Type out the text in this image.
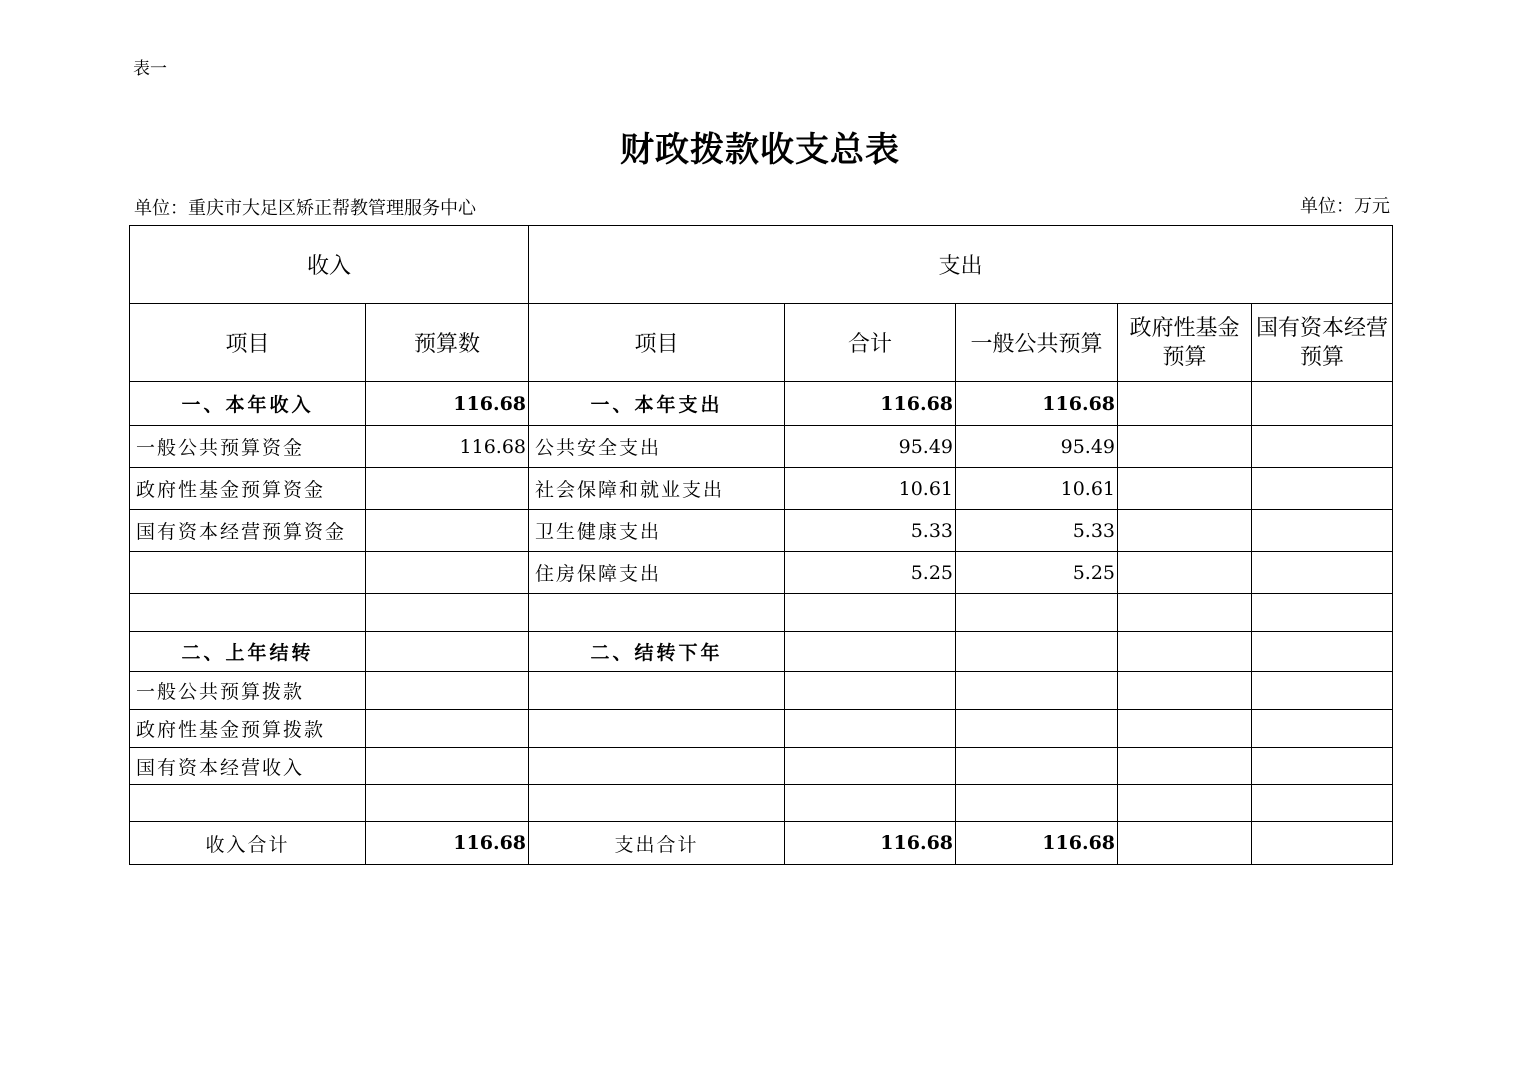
表一
财政拨款收支总表
单位：重庆市大足区矫正帮教管理服务中心	单位：万元
收入		支出				
项目	预算数	项目	合计	一般公共预算	政府性基金预算	国有资本经营预算
一、本年收入	116.68	一、本年支出	116.68	116.68		
一般公共预算资金	116.68	公共安全支出	95.49	95.49		
政府性基金预算资金		社会保障和就业支出	10.61	10.61		
国有资本经营预算资金		卫生健康支出	5.33	5.33		
		住房保障支出	5.25	5.25		

二、上年结转		二、结转下年				
一般公共预算拨款						
政府性基金预算拨款						
国有资本经营收入						

收入合计	116.68	支出合计	116.68	116.68		
